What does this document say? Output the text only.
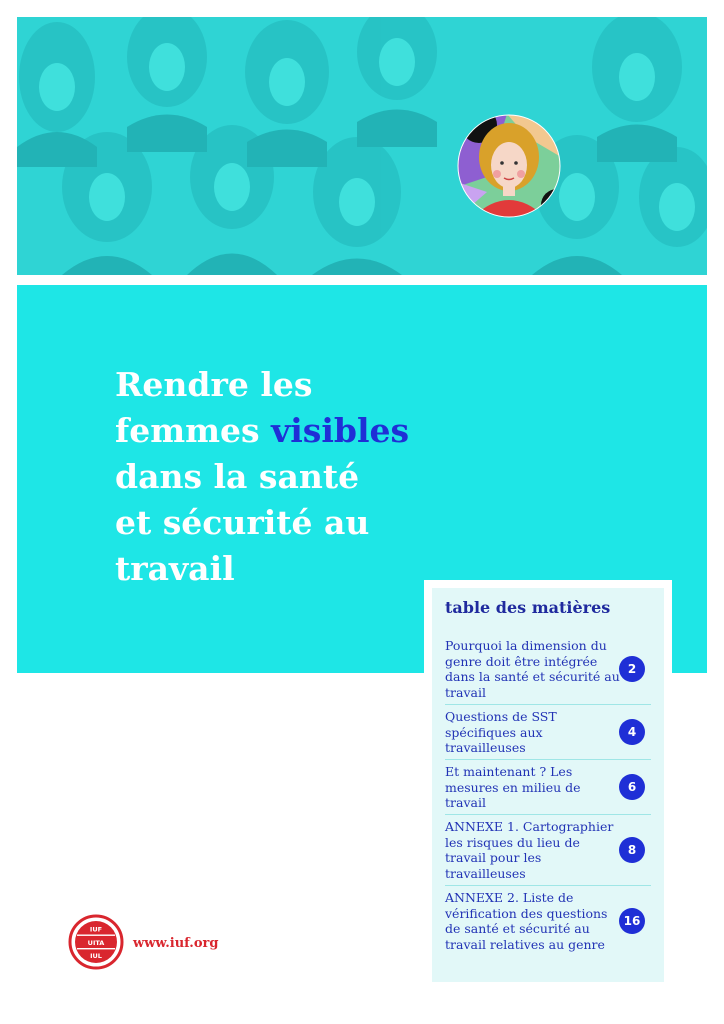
Rendre les
femmes visibles
dans la santé
et sécurité au
travail
table des matières
Pourquoi la dimension du genre doit être intégrée dans la santé et sécurité au travail
2
Questions de SST spécifiques aux travailleuses
4
Et maintenant ? Les mesures en milieu de travail
6
ANNEXE 1. Cartographier les risques du lieu de travail pour les travailleuses
8
ANNEXE 2. Liste de vérification des questions de santé et sécurité au travail relatives au genre
16
IUF
UITA
IUL
www.iuf.org
